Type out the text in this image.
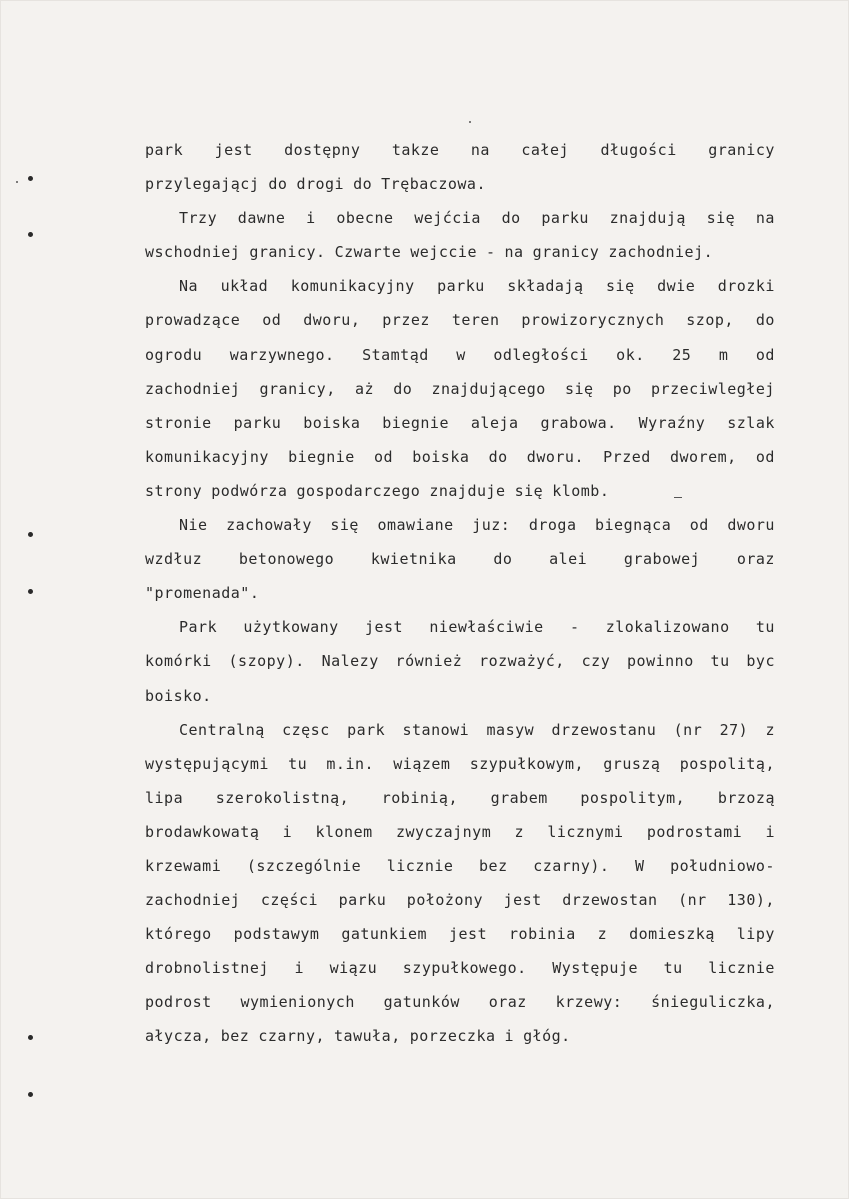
park jest dostępny takze na całej długości granicy
przylegającj do drogi do Trębaczowa.
Trzy dawne i obecne wejćcia do parku znajdują się na
wschodniej granicy. Czwarte wejccie - na granicy zachodniej.
Na układ komunikacyjny parku składają się dwie drozki
prowadzące od dworu, przez teren prowizorycznych szop, do
ogrodu warzywnego. Stamtąd w odległości ok. 25 m od
zachodniej granicy, aż do znajdującego się po przeciwległej
stronie parku boiska biegnie aleja grabowa. Wyraźny szlak
komunikacyjny biegnie od boiska do dworu. Przed dworem, od
strony podwórza gospodarczego znajduje się klomb.
Nie zachowały się omawiane juz: droga biegnąca od dworu
wzdłuz betonowego kwietnika do alei grabowej oraz
"promenada".
Park użytkowany jest niewłaściwie - zlokalizowano tu
komórki (szopy). Nalezy również rozważyć, czy powinno tu byc
boisko.
Centralną częsc park stanowi masyw drzewostanu (nr 27) z
występującymi tu m.in. wiązem szypułkowym, gruszą pospolitą,
lipa szerokolistną, robinią, grabem pospolitym, brzozą
brodawkowatą i klonem zwyczajnym z licznymi podrostami i
krzewami (szczególnie licznie bez czarny). W południowo-
zachodniej części parku położony jest drzewostan (nr 130),
którego podstawym gatunkiem jest robinia z domieszką lipy
drobnolistnej i wiązu szypułkowego. Występuje tu licznie
podrost wymienionych gatunków oraz krzewy: śnieguliczka,
ałycza, bez czarny, tawuła, porzeczka i głóg.
